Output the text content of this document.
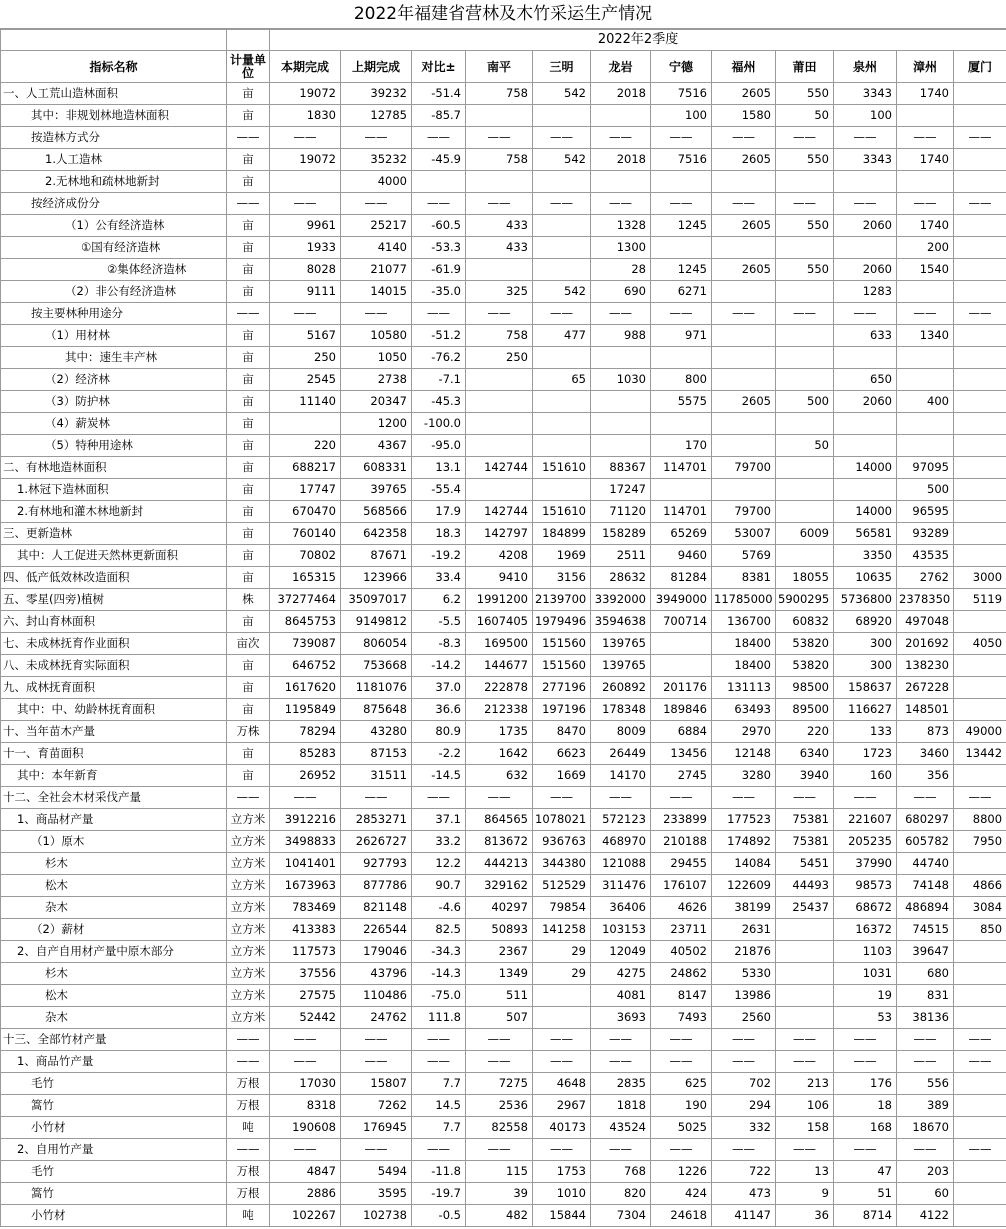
2022年福建省营林及木竹采运生产情况
		2022年2季度											
指标名称	计量单位	本期完成	上期完成	对比±	南平	三明	龙岩	宁德	福州	莆田	泉州	漳州	厦门
一、人工荒山造林面积	亩	19072	39232	-51.4	758	542	2018	7516	2605	550	3343	1740	
其中：非规划林地造林面积	亩	1830	12785	-85.7				100	1580	50	100		
按造林方式分	——	——	——	——	——	——	——	——	——	——	——	——	——
1.人工造林	亩	19072	35232	-45.9	758	542	2018	7516	2605	550	3343	1740	
2.无林地和疏林地新封	亩		4000										
按经济成份分	——	——	——	——	——	——	——	——	——	——	——	——	——
（1）公有经济造林	亩	9961	25217	-60.5	433		1328	1245	2605	550	2060	1740	
①国有经济造林	亩	1933	4140	-53.3	433		1300					200	
②集体经济造林	亩	8028	21077	-61.9			28	1245	2605	550	2060	1540	
（2）非公有经济造林	亩	9111	14015	-35.0	325	542	690	6271			1283		
按主要林种用途分	——	——	——	——	——	——	——	——	——	——	——	——	——
（1）用材林	亩	5167	10580	-51.2	758	477	988	971			633	1340	
其中：速生丰产林	亩	250	1050	-76.2	250								
（2）经济林	亩	2545	2738	-7.1		65	1030	800			650		
（3）防护林	亩	11140	20347	-45.3				5575	2605	500	2060	400	
（4）薪炭林	亩		1200	-100.0									
（5）特种用途林	亩	220	4367	-95.0				170		50			
二、有林地造林面积	亩	688217	608331	13.1	142744	151610	88367	114701	79700		14000	97095	
1.林冠下造林面积	亩	17747	39765	-55.4			17247					500	
2.有林地和灌木林地新封	亩	670470	568566	17.9	142744	151610	71120	114701	79700		14000	96595	
三、更新造林	亩	760140	642358	18.3	142797	184899	158289	65269	53007	6009	56581	93289	
其中：人工促进天然林更新面积	亩	70802	87671	-19.2	4208	1969	2511	9460	5769		3350	43535	
四、低产低效林改造面积	亩	165315	123966	33.4	9410	3156	28632	81284	8381	18055	10635	2762	3000
五、零星(四旁)植树	株	37277464	35097017	6.2	1991200	2139700	3392000	3949000	11785000	5900295	5736800	2378350	5119
六、封山育林面积	亩	8645753	9149812	-5.5	1607405	1979496	3594638	700714	136700	60832	68920	497048	
七、未成林抚育作业面积	亩次	739087	806054	-8.3	169500	151560	139765		18400	53820	300	201692	4050
八、未成林抚育实际面积	亩	646752	753668	-14.2	144677	151560	139765		18400	53820	300	138230	
九、成林抚育面积	亩	1617620	1181076	37.0	222878	277196	260892	201176	131113	98500	158637	267228	
其中：中、幼龄林抚育面积	亩	1195849	875648	36.6	212338	197196	178348	189846	63493	89500	116627	148501	
十、当年苗木产量	万株	78294	43280	80.9	1735	8470	8009	6884	2970	220	133	873	49000
十一、育苗面积	亩	85283	87153	-2.2	1642	6623	26449	13456	12148	6340	1723	3460	13442
其中：本年新育	亩	26952	31511	-14.5	632	1669	14170	2745	3280	3940	160	356	
十二、全社会木材采伐产量	——	——	——	——	——	——	——	——	——	——	——	——	——
1、商品材产量	立方米	3912216	2853271	37.1	864565	1078021	572123	233899	177523	75381	221607	680297	8800
（1）原木	立方米	3498833	2626727	33.2	813672	936763	468970	210188	174892	75381	205235	605782	7950
杉木	立方米	1041401	927793	12.2	444213	344380	121088	29455	14084	5451	37990	44740	
松木	立方米	1673963	877786	90.7	329162	512529	311476	176107	122609	44493	98573	74148	4866
杂木	立方米	783469	821148	-4.6	40297	79854	36406	4626	38199	25437	68672	486894	3084
（2）薪材	立方米	413383	226544	82.5	50893	141258	103153	23711	2631		16372	74515	850
2、自产自用材产量中原木部分	立方米	117573	179046	-34.3	2367	29	12049	40502	21876		1103	39647	
杉木	立方米	37556	43796	-14.3	1349	29	4275	24862	5330		1031	680	
松木	立方米	27575	110486	-75.0	511		4081	8147	13986		19	831	
杂木	立方米	52442	24762	111.8	507		3693	7493	2560		53	38136	
十三、全部竹材产量	——	——	——	——	——	——	——	——	——	——	——	——	——
1、商品竹产量	——	——	——	——	——	——	——	——	——	——	——	——	——
毛竹	万根	17030	15807	7.7	7275	4648	2835	625	702	213	176	556	
篙竹	万根	8318	7262	14.5	2536	2967	1818	190	294	106	18	389	
小竹材	吨	190608	176945	7.7	82558	40173	43524	5025	332	158	168	18670	
2、自用竹产量	——	——	——	——	——	——	——	——	——	——	——	——	——
毛竹	万根	4847	5494	-11.8	115	1753	768	1226	722	13	47	203	
篙竹	万根	2886	3595	-19.7	39	1010	820	424	473	9	51	60	
小竹材	吨	102267	102738	-0.5	482	15844	7304	24618	41147	36	8714	4122	
